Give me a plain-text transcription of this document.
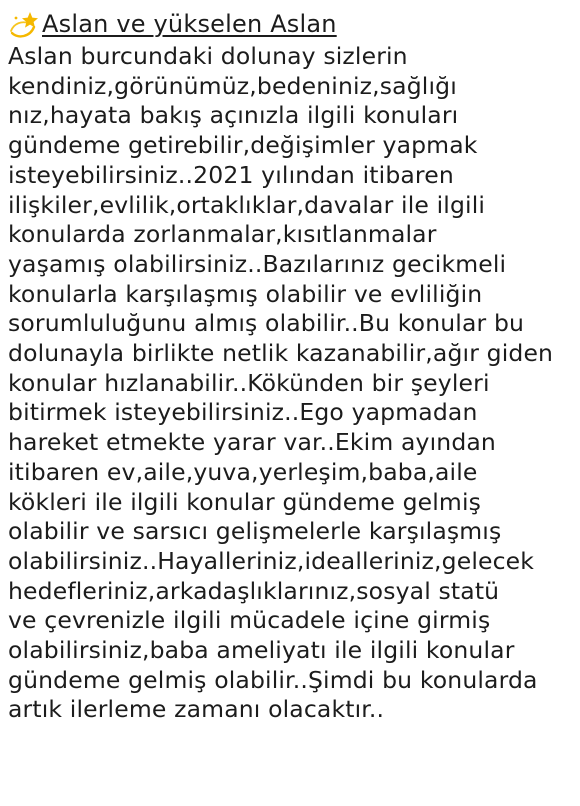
Aslan ve yükselen Aslan
Aslan burcundaki dolunay sizlerin
kendiniz,görünümüz,bedeniniz,sağlığı
nız,hayata bakış açınızla ilgili konuları
gündeme getirebilir,değişimler yapmak
isteyebilirsiniz..2021 yılından itibaren
ilişkiler,evlilik,ortaklıklar,davalar ile ilgili
konularda zorlanmalar,kısıtlanmalar
yaşamış olabilirsiniz..Bazılarınız gecikmeli
konularla karşılaşmış olabilir ve evliliğin
sorumluluğunu almış olabilir..Bu konular bu
dolunayla birlikte netlik kazanabilir,ağır giden
konular hızlanabilir..Kökünden bir şeyleri
bitirmek isteyebilirsiniz..Ego yapmadan
hareket etmekte yarar var..Ekim ayından
itibaren ev,aile,yuva,yerleşim,baba,aile
kökleri ile ilgili konular gündeme gelmiş
olabilir ve sarsıcı gelişmelerle karşılaşmış
olabilirsiniz..Hayalleriniz,idealleriniz,gelecek
hedefleriniz,arkadaşlıklarınız,sosyal statü
ve çevrenizle ilgili mücadele içine girmiş
olabilirsiniz,baba ameliyatı ile ilgili konular
gündeme gelmiş olabilir..Şimdi bu konularda
artık ilerleme zamanı olacaktır..
